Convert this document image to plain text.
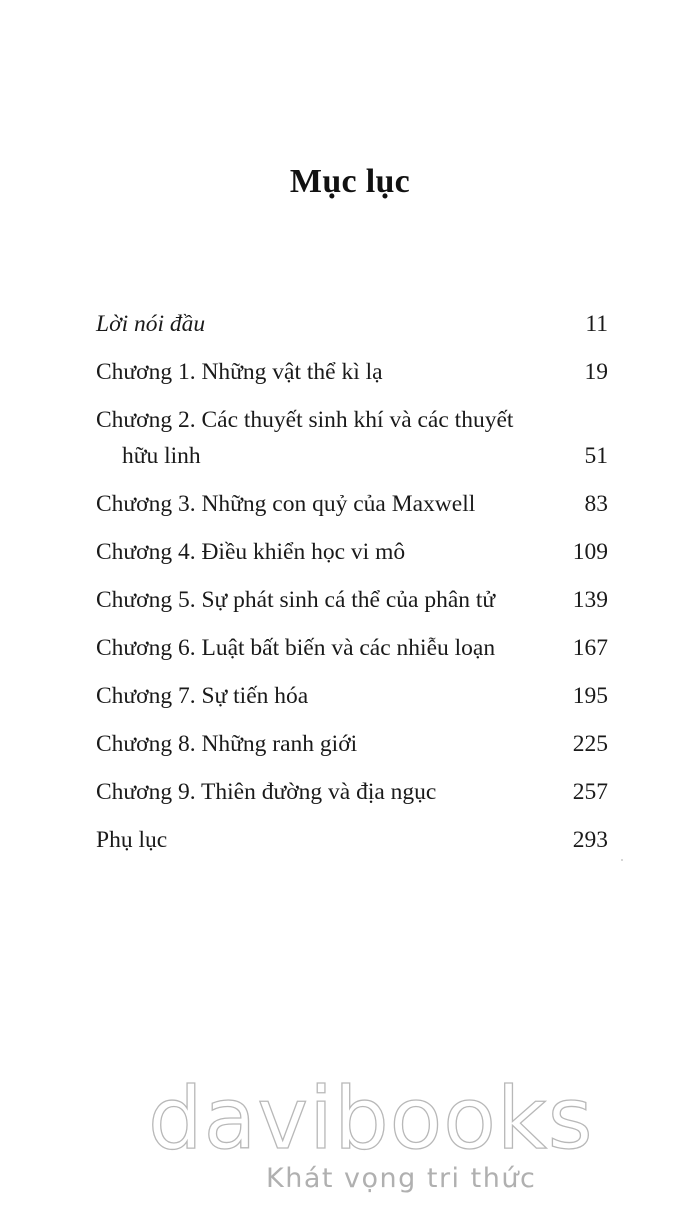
Mục lục
Lời nói đầu	11
Chương 1. Những vật thể kì lạ	19
Chương 2. Các thuyết sinh khí và các thuyết
hữu linh	51
Chương 3. Những con quỷ của Maxwell	83
Chương 4. Điều khiển học vi mô	109
Chương 5. Sự phát sinh cá thể của phân tử	139
Chương 6. Luật bất biến và các nhiễu loạn	167
Chương 7. Sự tiến hóa	195
Chương 8. Những ranh giới	225
Chương 9. Thiên đường và địa ngục	257
Phụ lục	293
davibooks
Khát vọng tri thức
